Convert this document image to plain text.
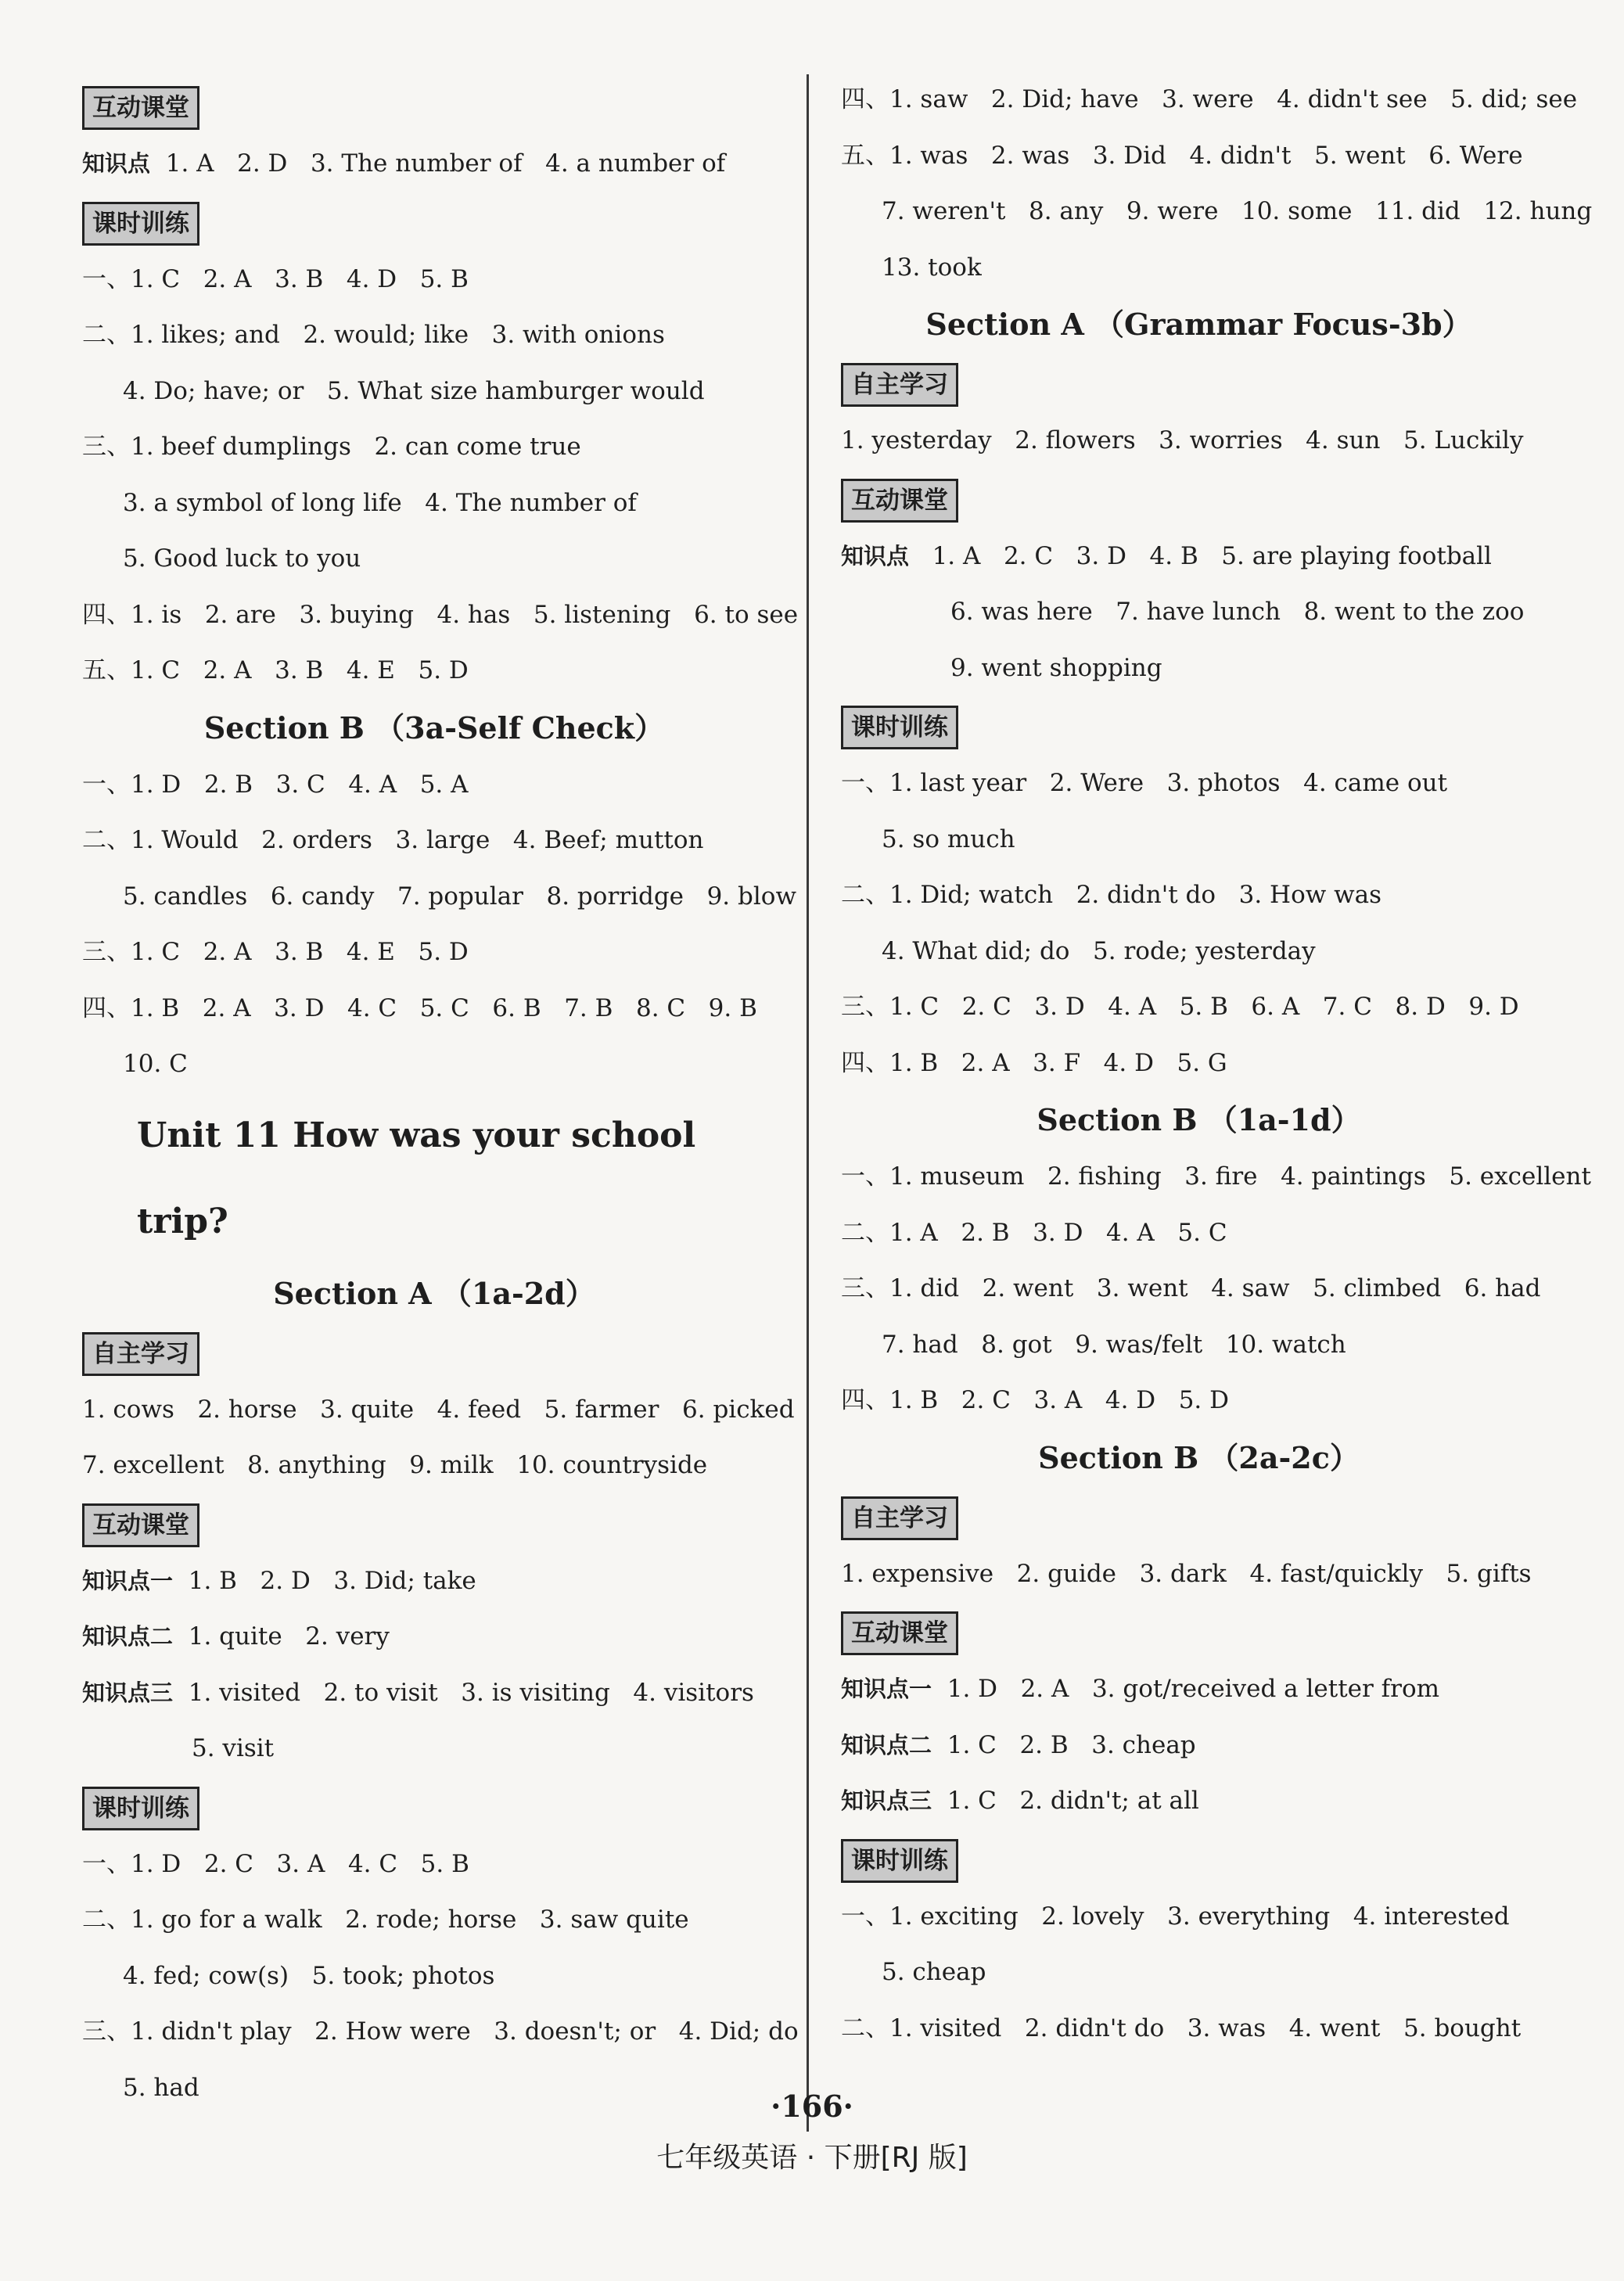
互动课堂
知识点 1. A   2. D   3. The number of   4. a number of
课时训练
一、1. C   2. A   3. B   4. D   5. B
二、1. likes; and   2. would; like   3. with onions
4. Do; have; or   5. What size hamburger would
三、1. beef dumplings   2. can come true
3. a symbol of long life   4. The number of
5. Good luck to you
四、1. is   2. are   3. buying   4. has   5. listening   6. to see
五、1. C   2. A   3. B   4. E   5. D
Section B （3a-Self Check）
一、1. D   2. B   3. C   4. A   5. A
二、1. Would   2. orders   3. large   4. Beef; mutton
5. candles   6. candy   7. popular   8. porridge   9. blow
三、1. C   2. A   3. B   4. E   5. D
四、1. B   2. A   3. D   4. C   5. C   6. B   7. B   8. C   9. B
10. C
Unit 11 How was your school trip?
Section A （1a-2d）
自主学习
1. cows   2. horse   3. quite   4. feed   5. farmer   6. picked
7. excellent   8. anything   9. milk   10. countryside
互动课堂
知识点一 1. B   2. D   3. Did; take
知识点二 1. quite   2. very
知识点三 1. visited   2. to visit   3. is visiting   4. visitors
5. visit
课时训练
一、1. D   2. C   3. A   4. C   5. B
二、1. go for a walk   2. rode; horse   3. saw quite
4. fed; cow(s)   5. took; photos
三、1. didn't play   2. How were   3. doesn't; or   4. Did; do
5. had
四、1. saw   2. Did; have   3. were   4. didn't see   5. did; see
五、1. was   2. was   3. Did   4. didn't   5. went   6. Were
7. weren't   8. any   9. were   10. some   11. did   12. hung
13. took
Section A （Grammar Focus-3b）
自主学习
1. yesterday   2. flowers   3. worries   4. sun   5. Luckily
互动课堂
知识点 1. A   2. C   3. D   4. B   5. are playing football
6. was here   7. have lunch   8. went to the zoo
9. went shopping
课时训练
一、1. last year   2. Were   3. photos   4. came out
5. so much
二、1. Did; watch   2. didn't do   3. How was
4. What did; do   5. rode; yesterday
三、1. C   2. C   3. D   4. A   5. B   6. A   7. C   8. D   9. D
四、1. B   2. A   3. F   4. D   5. G
Section B （1a-1d）
一、1. museum   2. fishing   3. fire   4. paintings   5. excellent
二、1. A   2. B   3. D   4. A   5. C
三、1. did   2. went   3. went   4. saw   5. climbed   6. had
7. had   8. got   9. was/felt   10. watch
四、1. B   2. C   3. A   4. D   5. D
Section B （2a-2c）
自主学习
1. expensive   2. guide   3. dark   4. fast/quickly   5. gifts
互动课堂
知识点一 1. D   2. A   3. got/received a letter from
知识点二 1. C   2. B   3. cheap
知识点三 1. C   2. didn't; at all
课时训练
一、1. exciting   2. lovely   3. everything   4. interested
5. cheap
二、1. visited   2. didn't do   3. was   4. went   5. bought
·166·
七年级英语 · 下册[RJ 版]
